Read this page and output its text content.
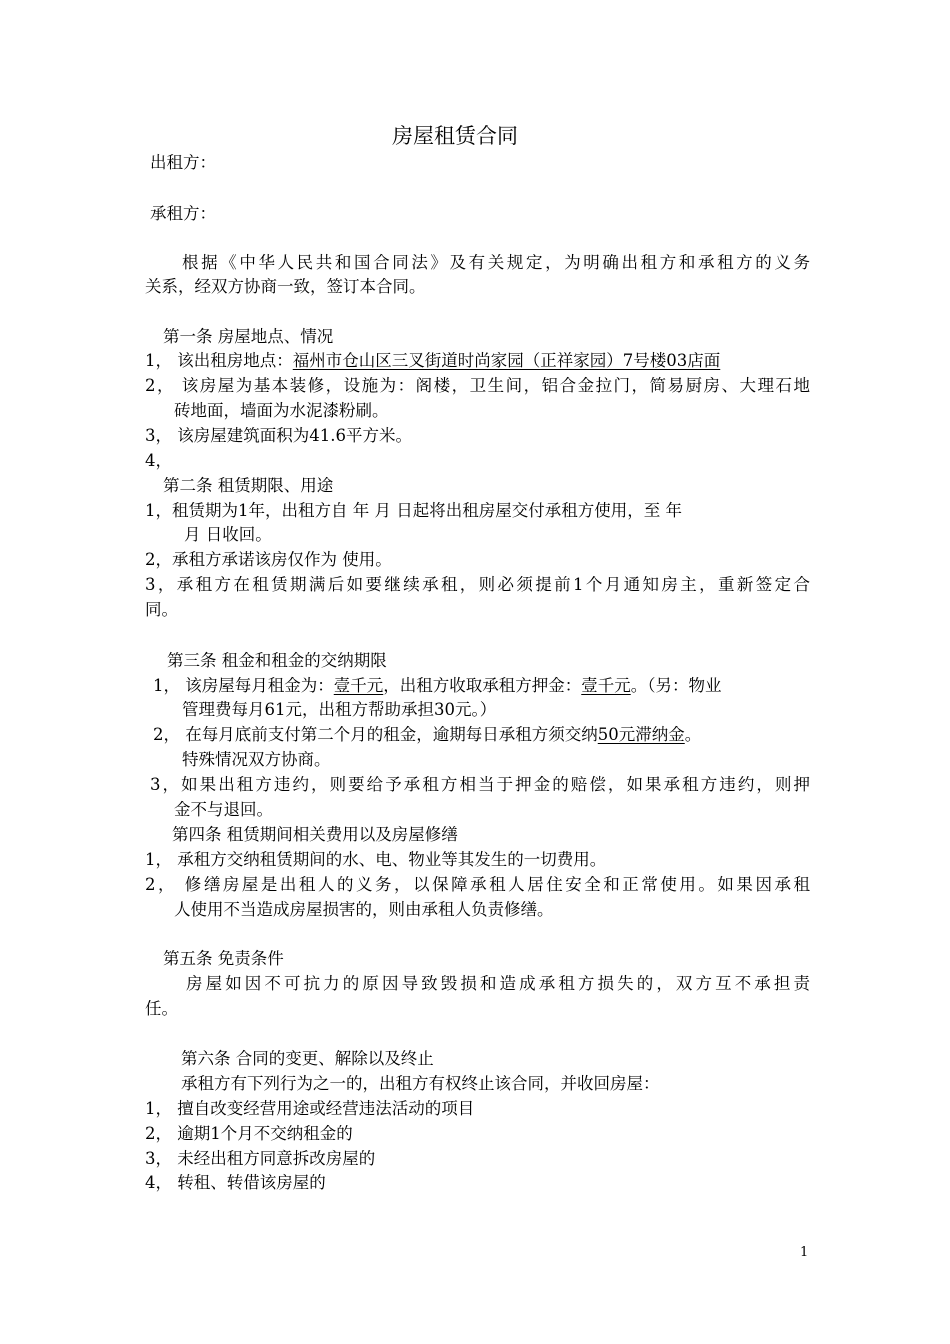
房屋租赁合同
出租方：
承租方：
根据《中华人民共和国合同法》及有关规定，为明确出租方和承租方的义务
关系，经双方协商一致，签订本合同。
第一条 房屋地点、情况
1， 该出租房地点：福州市仓山区三叉街道时尚家园（正祥家园）7号楼03店面
2， 该房屋为基本装修，设施为：阁楼，卫生间，铝合金拉门，简易厨房、大理石地
砖地面，墙面为水泥漆粉刷。
3， 该房屋建筑面积为41.6平方米。
4，
第二条 租赁期限、用途
1，租赁期为1年，出租方自 年 月 日起将出租房屋交付承租方使用，至 年
月 日收回。
2，承租方承诺该房仅作为 使用。
3，承租方在租赁期满后如要继续承租，则必须提前1个月通知房主，重新签定合
同。
第三条 租金和租金的交纳期限
1， 该房屋每月租金为：壹千元，出租方收取承租方押金：壹千元。（另：物业
管理费每月61元，出租方帮助承担30元。）
2， 在每月底前支付第二个月的租金，逾期每日承租方须交纳50元滞纳金。
特殊情况双方协商。
3，如果出租方违约，则要给予承租方相当于押金的赔偿，如果承租方违约，则押
金不与退回。
第四条 租赁期间相关费用以及房屋修缮
1， 承租方交纳租赁期间的水、电、物业等其发生的一切费用。
2， 修缮房屋是出租人的义务，以保障承租人居住安全和正常使用。如果因承租
人使用不当造成房屋损害的，则由承租人负责修缮。
第五条 免责条件
房屋如因不可抗力的原因导致毁损和造成承租方损失的，双方互不承担责
任。
第六条 合同的变更、解除以及终止
承租方有下列行为之一的，出租方有权终止该合同，并收回房屋：
1， 擅自改变经营用途或经营违法活动的项目
2， 逾期1个月不交纳租金的
3， 未经出租方同意拆改房屋的
4， 转租、转借该房屋的
1
